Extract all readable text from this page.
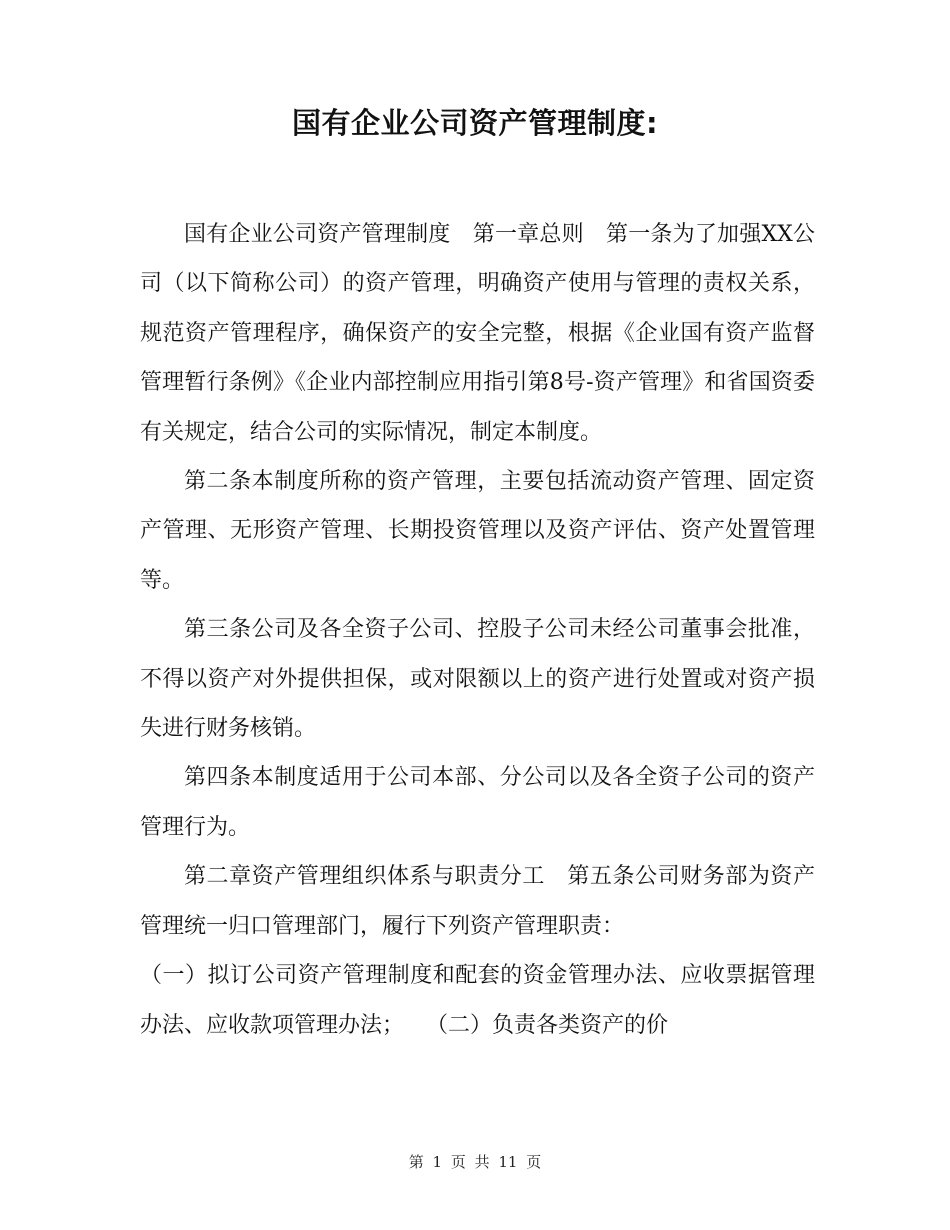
国有企业公司资产管理制度:

国有企业公司资产管理制度　第一章总则　第一条为了加强XX公司（以下简称公司）的资产管理，明确资产使用与管理的责权关系，规范资产管理程序，确保资产的安全完整，根据《企业国有资产监督管理暂行条例》《企业内部控制应用指引第8号-资产管理》和省国资委有关规定，结合公司的实际情况，制定本制度。

第二条本制度所称的资产管理，主要包括流动资产管理、固定资产管理、无形资产管理、长期投资管理以及资产评估、资产处置管理等。

第三条公司及各全资子公司、控股子公司未经公司董事会批准，不得以资产对外提供担保，或对限额以上的资产进行处置或对资产损失进行财务核销。

第四条本制度适用于公司本部、分公司以及各全资子公司的资产管理行为。

第二章资产管理组织体系与职责分工　第五条公司财务部为资产管理统一归口管理部门，履行下列资产管理职责：

（一）拟订公司资产管理制度和配套的资金管理办法、应收票据管理办法、应收款项管理办法；　　（二）负责各类资产的价

第 1 页 共 11 页
